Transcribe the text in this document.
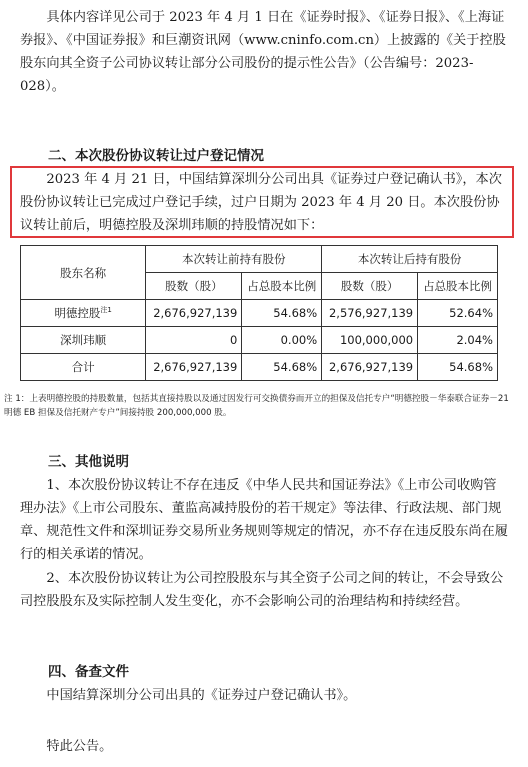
具体内容详见公司于 2023 年 4 月 1 日在《证券时报》、《证券日报》、《上海证券报》、《中国证券报》和巨潮资讯网（www.cninfo.com.cn）上披露的《关于控股股东向其全资子公司协议转让部分公司股份的提示性公告》（公告编号：2023-028）。

二、本次股份协议转让过户登记情况

2023 年 4 月 21 日，中国结算深圳分公司出具《证券过户登记确认书》，本次股份协议转让已完成过户登记手续，过户日期为 2023 年 4 月 20 日。本次股份协议转让前后，明德控股及深圳玮顺的持股情况如下：

股东名称	本次转让前持有股份		本次转让后持有股份	
	股数（股）	占总股本比例	股数（股）	占总股本比例
明德控股$^{注1}$	2,676,927,139	54.68%	2,576,927,139	52.64%
深圳玮顺	0	0.00%	100,000,000	2.04%
合计	2,676,927,139	54.68%	2,676,927,139	54.68%
注 1：上表明德控股的持股数量，包括其直接持股以及通过因发行可交换债券而开立的担保及信托专户“明德控股－华泰联合证券－21 明德 EB 担保及信托财产专户”间接持股 200,000,000 股。
三、其他说明

1、本次股份协议转让不存在违反《中华人民共和国证券法》《上市公司收购管理办法》《上市公司股东、董监高减持股份的若干规定》等法律、行政法规、部门规章、规范性文件和深圳证券交易所业务规则等规定的情况，亦不存在违反股东尚在履行的相关承诺的情况。

2、本次股份协议转让为公司控股股东与其全资子公司之间的转让，不会导致公司控股股东及实际控制人发生变化，亦不会影响公司的治理结构和持续经营。

四、备查文件

中国结算深圳分公司出具的《证券过户登记确认书》。

特此公告。
